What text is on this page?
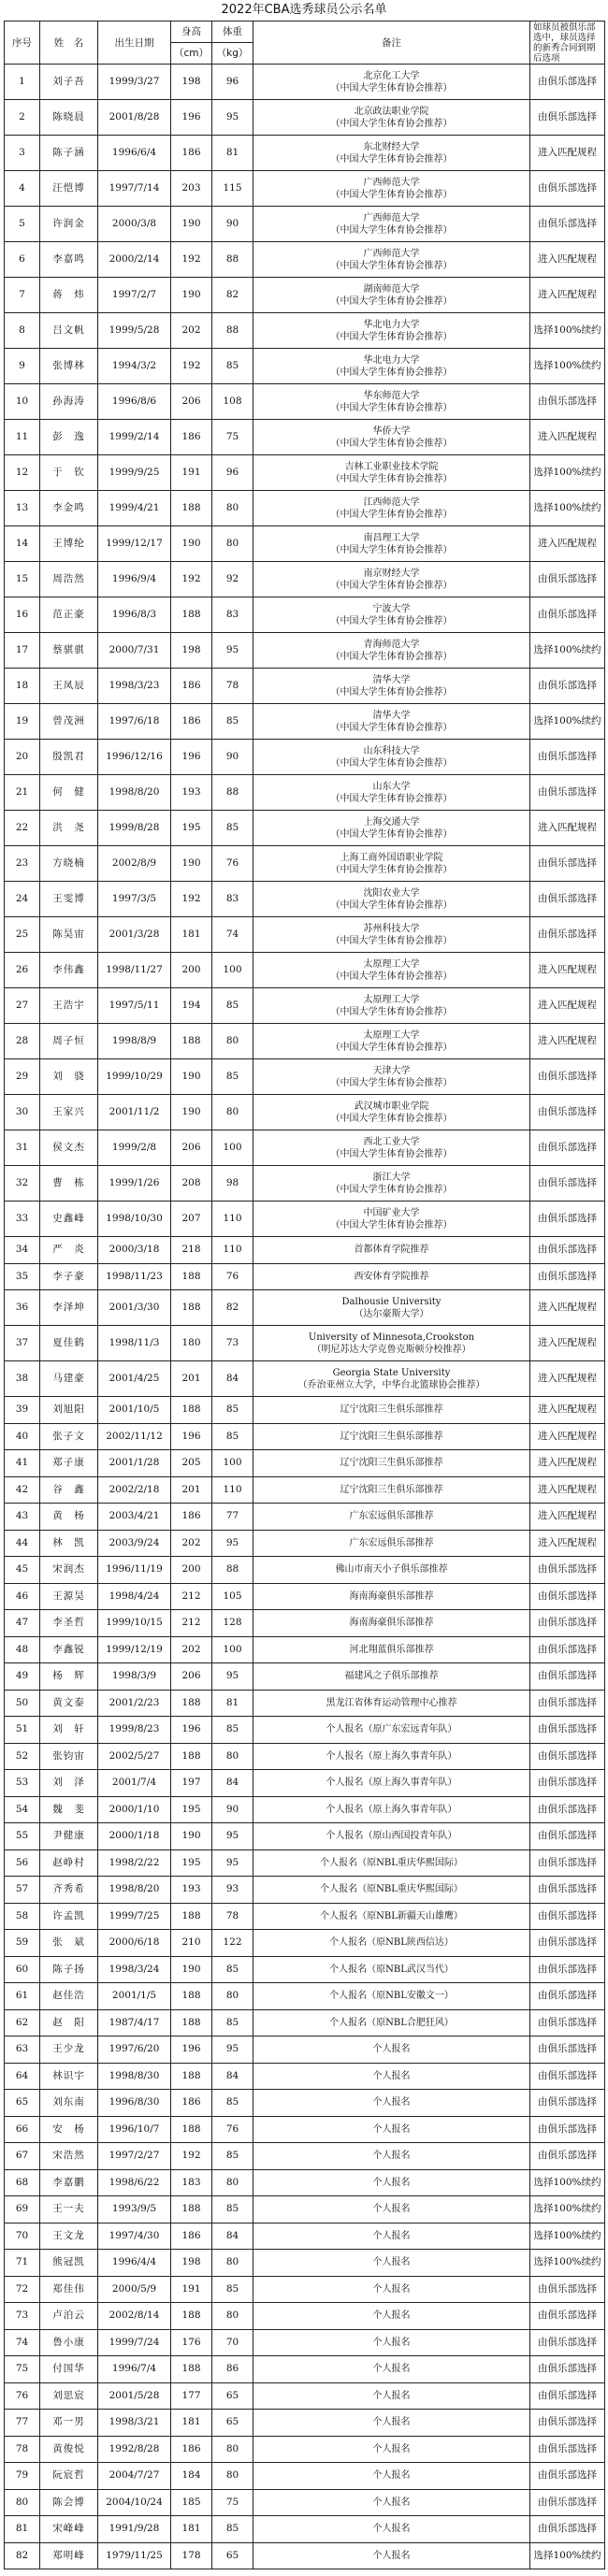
2022年CBA选秀球员公示名单
序号	姓　名	出生日期	身高	体重	备注	如球员被俱乐部选中，球员选择的新秀合同到期后选项
			（cm）	（kg）		
1	刘子吾	1999/3/27	198	96	北京化工大学
（中国大学生体育协会推荐）	由俱乐部选择
2	陈晓晨	2001/8/28	196	95	北京政法职业学院
（中国大学生体育协会推荐）	由俱乐部选择
3	陈子涵	1996/6/4	186	81	东北财经大学
（中国大学生体育协会推荐）	进入匹配规程
4	汪恺博	1997/7/14	203	115	广西师范大学
（中国大学生体育协会推荐）	由俱乐部选择
5	许润金	2000/3/8	190	90	广西师范大学
（中国大学生体育协会推荐）	由俱乐部选择
6	李嘉鸣	2000/2/14	192	88	广西师范大学
（中国大学生体育协会推荐）	进入匹配规程
7	蒋　炜	1997/2/7	190	82	湖南师范大学
（中国大学生体育协会推荐）	进入匹配规程
8	吕文帆	1999/5/28	202	88	华北电力大学
（中国大学生体育协会推荐）	选择100%续约
9	张博林	1994/3/2	192	85	华北电力大学
（中国大学生体育协会推荐）	选择100%续约
10	孙海涛	1996/8/6	206	108	华东师范大学
（中国大学生体育协会推荐）	由俱乐部选择
11	彭　逸	1999/2/14	186	75	华侨大学
（中国大学生体育协会推荐）	进入匹配规程
12	于　钦	1999/9/25	191	96	吉林工业职业技术学院
（中国大学生体育协会推荐）	选择100%续约
13	李金鸣	1999/4/21	188	80	江西师范大学
（中国大学生体育协会推荐）	选择100%续约
14	王博纶	1999/12/17	190	80	南昌理工大学
（中国大学生体育协会推荐）	进入匹配规程
15	周浩然	1996/9/4	192	92	南京财经大学
（中国大学生体育协会推荐）	由俱乐部选择
16	范正豪	1996/8/3	188	83	宁波大学
（中国大学生体育协会推荐）	由俱乐部选择
17	蔡骐骐	2000/7/31	198	95	青海师范大学
（中国大学生体育协会推荐）	选择100%续约
18	王凤辰	1998/3/23	186	78	清华大学
（中国大学生体育协会推荐）	由俱乐部选择
19	曾茂洲	1997/6/18	186	85	清华大学
（中国大学生体育协会推荐）	选择100%续约
20	殷凯君	1996/12/16	196	90	山东科技大学
（中国大学生体育协会推荐）	由俱乐部选择
21	何　健	1998/8/20	193	88	山东大学
（中国大学生体育协会推荐）	由俱乐部选择
22	洪　尧	1999/8/28	195	85	上海交通大学
（中国大学生体育协会推荐）	进入匹配规程
23	方晓楠	2002/8/9	190	76	上海工商外国语职业学院
（中国大学生体育协会推荐）	由俱乐部选择
24	王雯博	1997/3/5	192	83	沈阳农业大学
（中国大学生体育协会推荐）	由俱乐部选择
25	陈昊宙	2001/3/28	181	74	苏州科技大学
（中国大学生体育协会推荐）	由俱乐部选择
26	李伟鑫	1998/11/27	200	100	太原理工大学
（中国大学生体育协会推荐）	进入匹配规程
27	王浩宇	1997/5/11	194	85	太原理工大学
（中国大学生体育协会推荐）	进入匹配规程
28	周子恒	1998/8/9	188	80	太原理工大学
（中国大学生体育协会推荐）	进入匹配规程
29	刘　骁	1999/10/29	190	85	天津大学
（中国大学生体育协会推荐）	由俱乐部选择
30	王家兴	2001/11/2	190	80	武汉城市职业学院
（中国大学生体育协会推荐）	由俱乐部选择
31	侯文杰	1999/2/8	206	100	西北工业大学
（中国大学生体育协会推荐）	由俱乐部选择
32	曹　栋	1999/1/26	208	98	浙江大学
（中国大学生体育协会推荐）	由俱乐部选择
33	史鑫峰	1998/10/30	207	110	中国矿业大学
（中国大学生体育协会推荐）	由俱乐部选择
34	严　炎	2000/3/18	218	110	首都体育学院推荐	由俱乐部选择
35	李子豪	1998/11/23	188	76	西安体育学院推荐	由俱乐部选择
36	李泽坤	2001/3/30	188	82	Dalhousie University
（达尔豪斯大学）	进入匹配规程
37	夏佳鹤	1998/11/3	180	73	University of Minnesota,Crookston
（明尼苏达大学克鲁克斯顿分校推荐）	进入匹配规程
38	马建豪	2001/4/25	201	84	Georgia State University
（乔治亚州立大学，中华台北篮球协会推荐）	进入匹配规程
39	刘旭阳	2001/10/5	188	85	辽宁沈阳三生俱乐部推荐	进入匹配规程
40	张子文	2002/11/12	196	85	辽宁沈阳三生俱乐部推荐	进入匹配规程
41	郑子康	2001/1/28	205	100	辽宁沈阳三生俱乐部推荐	进入匹配规程
42	谷　鑫	2002/2/18	201	110	辽宁沈阳三生俱乐部推荐	进入匹配规程
43	黄　杨	2003/4/21	186	77	广东宏远俱乐部推荐	进入匹配规程
44	林　凯	2003/9/24	202	95	广东宏远俱乐部推荐	进入匹配规程
45	宋润杰	1996/11/19	200	88	佛山市南天小子俱乐部推荐	由俱乐部选择
46	王源昊	1998/4/24	212	105	海南海豪俱乐部推荐	由俱乐部选择
47	李圣哲	1999/10/15	212	128	海南海豪俱乐部推荐	由俱乐部选择
48	李鑫锐	1999/12/19	202	100	河北翔蓝俱乐部推荐	由俱乐部选择
49	杨　辉	1998/3/9	206	95	福建风之子俱乐部推荐	由俱乐部选择
50	黄文泰	2001/2/23	188	81	黑龙江省体育运动管理中心推荐	由俱乐部选择
51	刘　轩	1999/8/23	196	85	个人报名（原广东宏远青年队）	由俱乐部选择
52	张钧宙	2002/5/27	188	80	个人报名（原上海久事青年队）	由俱乐部选择
53	刘　泽	2001/7/4	197	84	个人报名（原上海久事青年队）	由俱乐部选择
54	魏　斐	2000/1/10	195	90	个人报名（原上海久事青年队）	由俱乐部选择
55	尹健康	2000/1/18	190	95	个人报名（原山西国投青年队）	由俱乐部选择
56	赵峥村	1998/2/22	195	95	个人报名（原NBL重庆华熙国际）	由俱乐部选择
57	齐秀希	1998/8/20	193	93	个人报名（原NBL重庆华熙国际）	由俱乐部选择
58	许孟凯	1999/7/25	188	78	个人报名（原NBL新疆天山雄鹰）	由俱乐部选择
59	张　斌	2000/6/18	210	122	个人报名（原NBL陕西信达）	由俱乐部选择
60	陈子扬	1998/3/24	190	85	个人报名（原NBL武汉当代）	由俱乐部选择
61	赵佳浩	2001/1/5	188	80	个人报名（原NBL安徽文一）	由俱乐部选择
62	赵　阳	1987/4/17	188	85	个人报名（原NBL合肥狂风）	由俱乐部选择
63	王少龙	1997/6/20	196	95	个人报名	由俱乐部选择
64	林识宇	1998/8/30	188	84	个人报名	由俱乐部选择
65	刘东南	1996/8/30	186	85	个人报名	由俱乐部选择
66	安　杨	1996/10/7	188	76	个人报名	由俱乐部选择
67	宋浩然	1997/2/27	192	85	个人报名	由俱乐部选择
68	李嘉鹏	1998/6/22	183	80	个人报名	选择100%续约
69	王一夫	1993/9/5	188	85	个人报名	选择100%续约
70	王文龙	1997/4/30	186	84	个人报名	选择100%续约
71	熊冠凯	1996/4/4	198	80	个人报名	选择100%续约
72	郑佳伟	2000/5/9	191	85	个人报名	由俱乐部选择
73	卢泊云	2002/8/14	188	80	个人报名	由俱乐部选择
74	鲁小康	1999/7/24	176	70	个人报名	由俱乐部选择
75	付国华	1996/7/4	188	86	个人报名	由俱乐部选择
76	刘思宸	2001/5/28	177	65	个人报名	由俱乐部选择
77	邓一男	1998/3/21	181	65	个人报名	由俱乐部选择
78	黄俊悦	1992/8/28	186	80	个人报名	由俱乐部选择
79	阮宸哲	2004/7/27	184	80	个人报名	由俱乐部选择
80	陈会博	2004/10/24	185	75	个人报名	由俱乐部选择
81	宋峰峰	1991/9/28	181	85	个人报名	由俱乐部选择
82	郑明峰	1979/11/25	178	65	个人报名	选择100%续约
